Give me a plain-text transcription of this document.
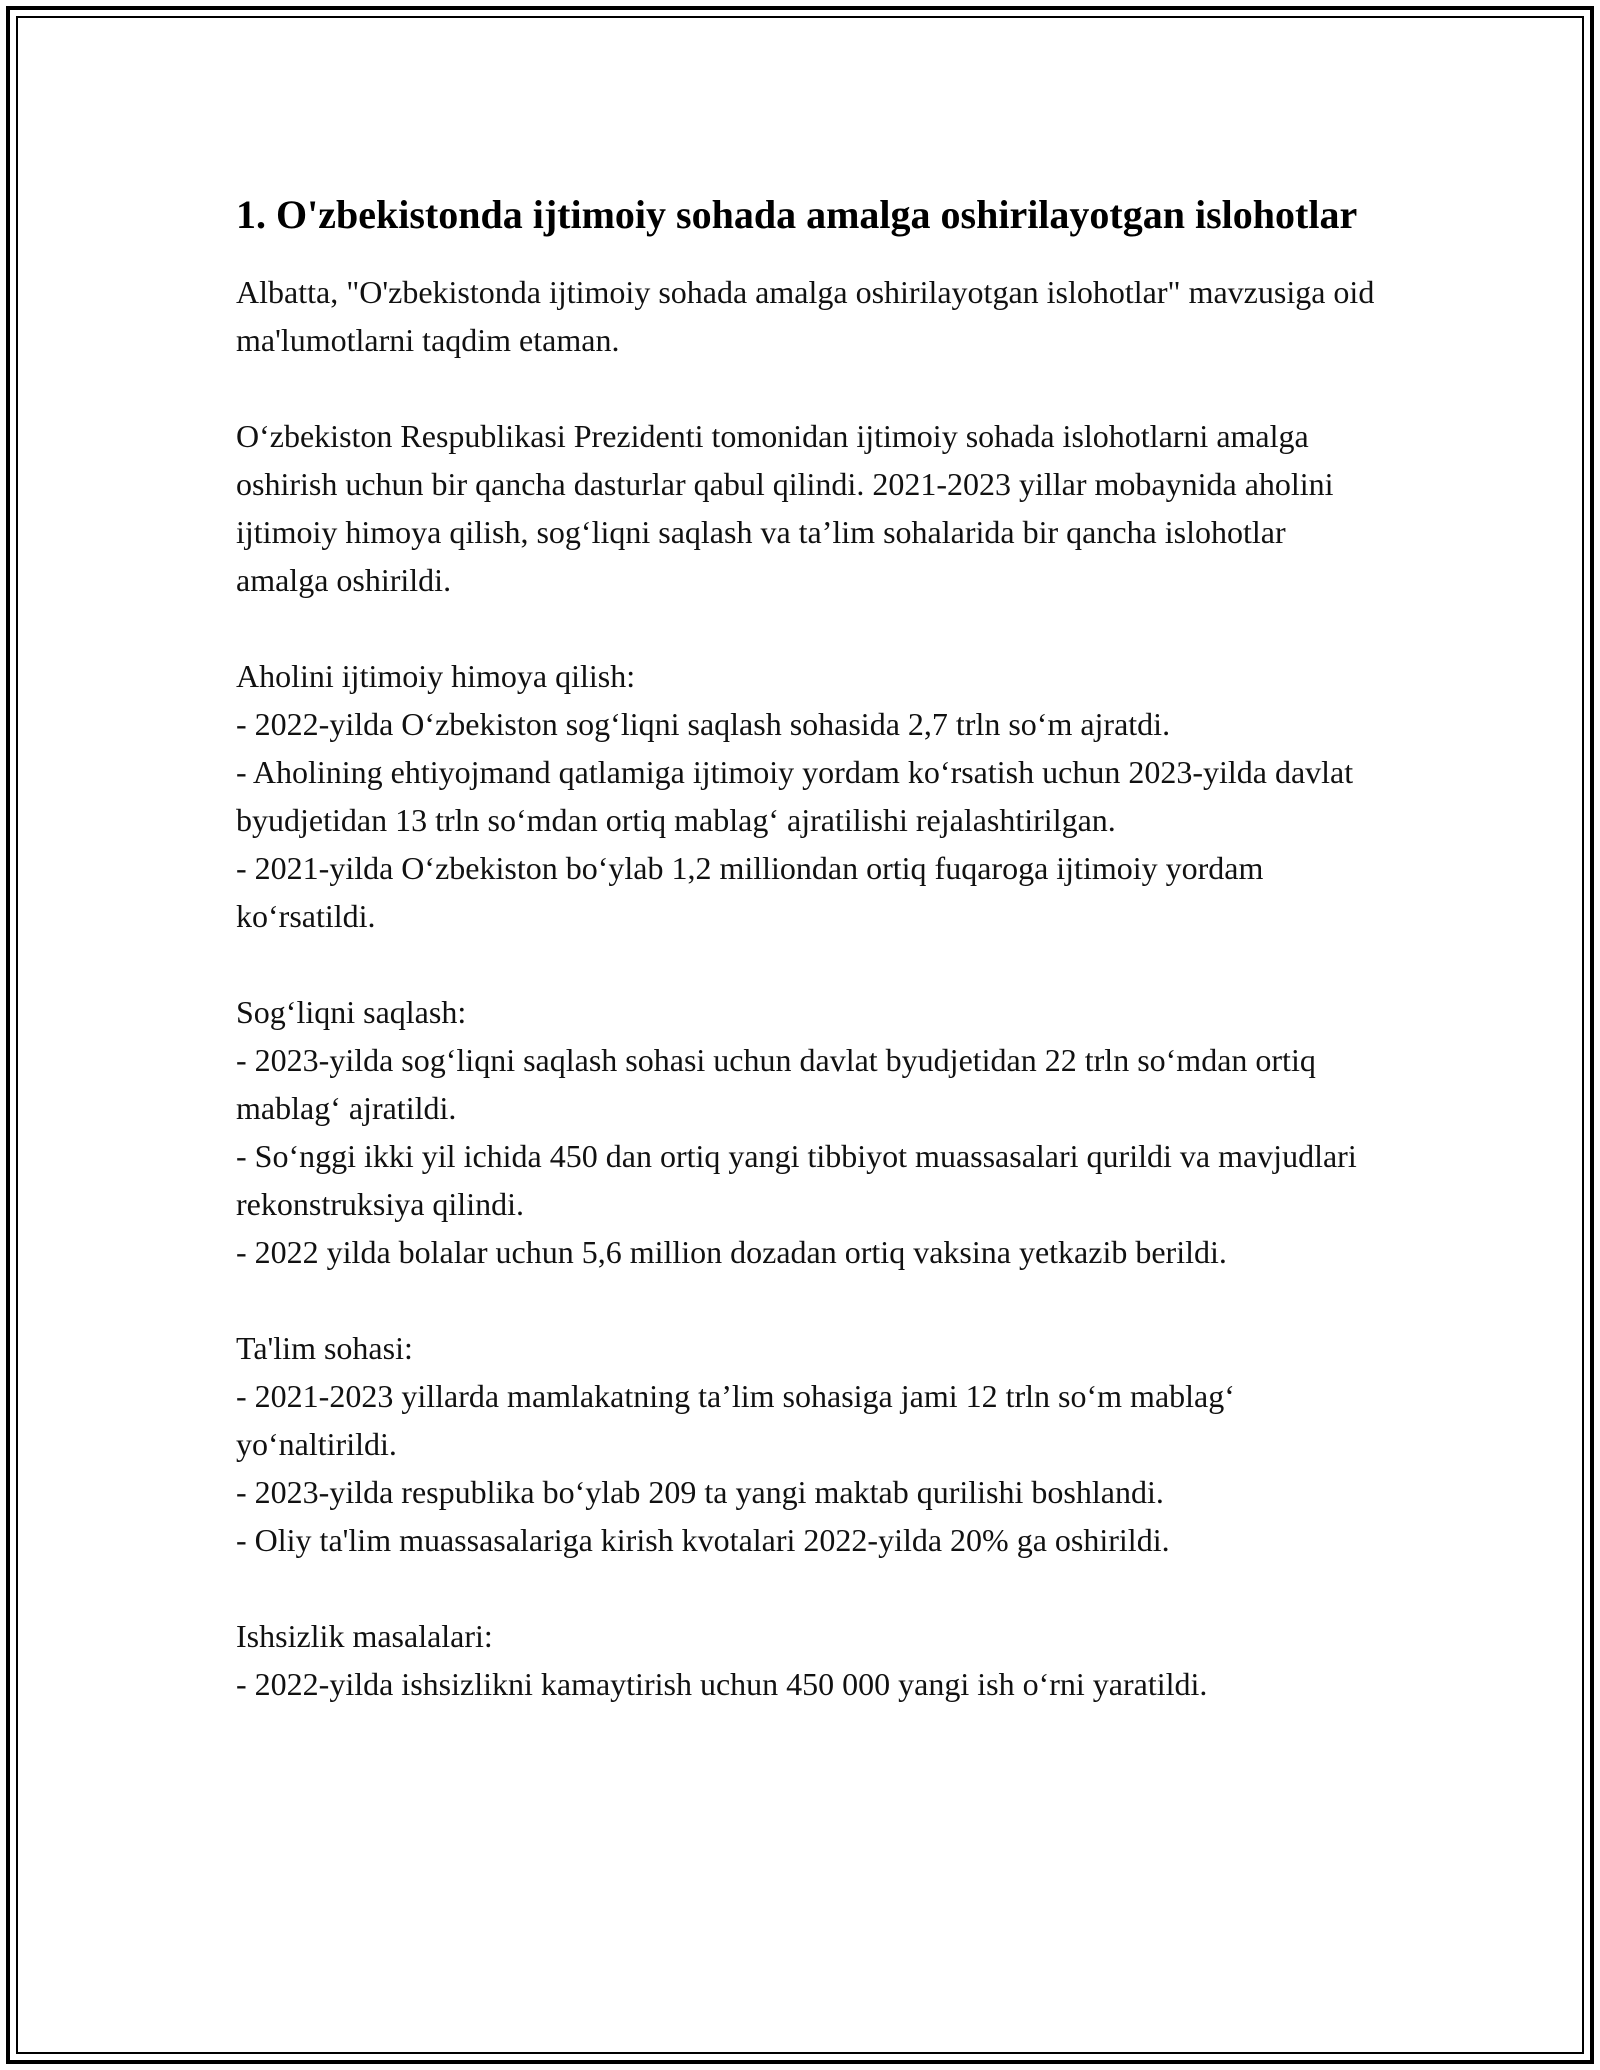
1. O'zbekistonda ijtimoiy sohada amalga oshirilayotgan islohotlar

Albatta, "O'zbekistonda ijtimoiy sohada amalga oshirilayotgan islohotlar" mavzusiga oid ma'lumotlarni taqdim etaman.

O‘zbekiston Respublikasi Prezidenti tomonidan ijtimoiy sohada islohotlarni amalga oshirish uchun bir qancha dasturlar qabul qilindi. 2021-2023 yillar mobaynida aholini ijtimoiy himoya qilish, sog‘liqni saqlash va ta’lim sohalarida bir qancha islohotlar amalga oshirildi.

Aholini ijtimoiy himoya qilish:

- 2022-yilda O‘zbekiston sog‘liqni saqlash sohasida 2,7 trln so‘m ajratdi.

- Aholining ehtiyojmand qatlamiga ijtimoiy yordam ko‘rsatish uchun 2023-yilda davlat byudjetidan 13 trln so‘mdan ortiq mablag‘ ajratilishi rejalashtirilgan.

- 2021-yilda O‘zbekiston bo‘ylab 1,2 milliondan ortiq fuqaroga ijtimoiy yordam ko‘rsatildi.

Sog‘liqni saqlash:

- 2023-yilda sog‘liqni saqlash sohasi uchun davlat byudjetidan 22 trln so‘mdan ortiq mablag‘ ajratildi.

- So‘nggi ikki yil ichida 450 dan ortiq yangi tibbiyot muassasalari qurildi va mavjudlari rekonstruksiya qilindi.

- 2022 yilda bolalar uchun 5,6 million dozadan ortiq vaksina yetkazib berildi.

Ta'lim sohasi:

- 2021-2023 yillarda mamlakatning ta’lim sohasiga jami 12 trln so‘m mablag‘ yo‘naltirildi.

- 2023-yilda respublika bo‘ylab 209 ta yangi maktab qurilishi boshlandi.

- Oliy ta'lim muassasalariga kirish kvotalari 2022-yilda 20% ga oshirildi.

Ishsizlik masalalari:

- 2022-yilda ishsizlikni kamaytirish uchun 450 000 yangi ish o‘rni yaratildi.
